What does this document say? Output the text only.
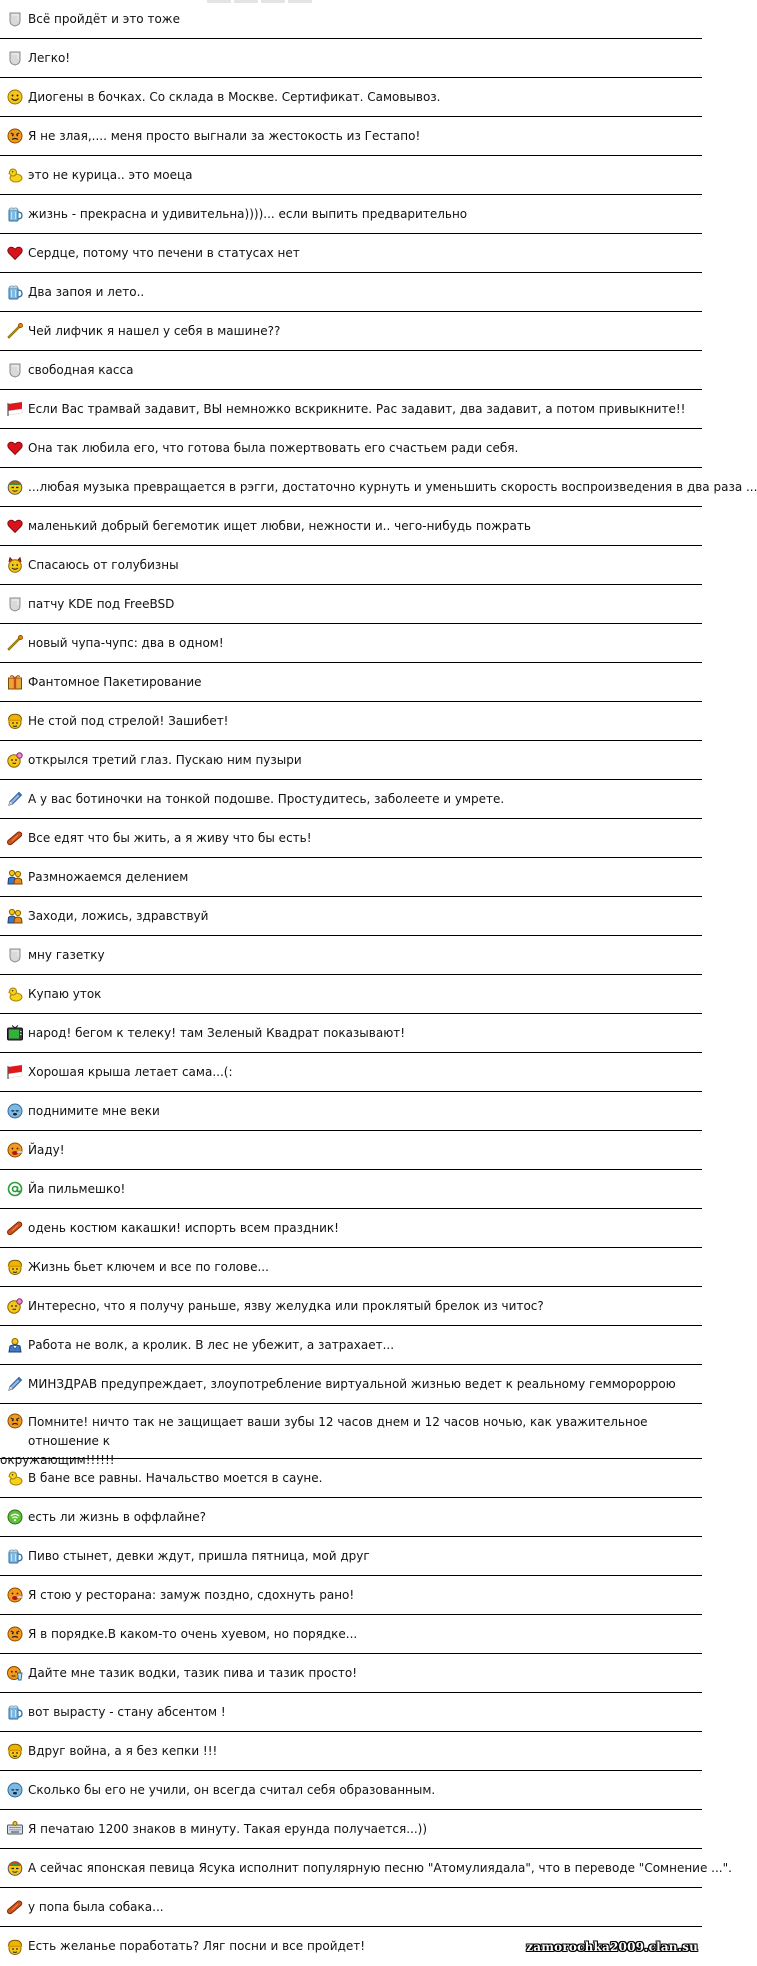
Всё пройдёт и это тоже
Легко!
Диогены в бочках. Со склада в Москве. Сертификат. Самовывоз.
Я не злая,.... меня просто выгнали за жестокость из Гестапо!
это не курица.. это моеца
жизнь - прекрасна и удивительна))))... если выпить предварительно
Сердце, потому что печени в статусах нет
Два запоя и лето..
Чей лифчик я нашел у себя в машине??
свободная касса
Если Вас трамвай задавит, ВЫ немножко вскрикните. Рас задавит, два задавит, а потом привыкните!!
Она так любила его, что готова была пожертвовать его счастьем ради себя.
...любая музыка превращается в рэгги, достаточно курнуть и уменьшить скорость воспроизведения в два раза ...
маленький добрый бегемотик ищет любви, нежности и.. чего-нибудь пожрать
Спасаюсь от голубизны
патчу KDE под FreeBSD
новый чупа-чупс: два в одном!
Фантомное Пакетирование
Не стой под стрелой! Зашибет!
открылся третий глаз. Пускаю ним пузыри
А у вас ботиночки на тонкой подошве. Простудитесь, заболеете и умрете.
Все едят что бы жить, а я живу что бы есть!
Размножаемся делением
Заходи, ложись, здравствуй
мну газетку
Купаю уток
народ! бегом к телеку! там Зеленый Квадрат показывают!
Хорошая крыша летает сама...(:
поднимите мне веки
Йаду!
Йа пильмешко!
одень костюм какашки! испорть всем праздник!
Жизнь бьет ключем и все по голове...
Интересно, что я получу раньше, язву желудка или проклятый брелок из читос?
Работа не волк, а кролик. В лес не убежит, а затрахает...
МИНЗДРАВ предупреждает, злоупотребление виртуальной жизнью ведет к реальному геммороррою
Помните! ничто так не защищает ваши зубы 12 часов днем и 12 часов ночью, как уважительное отношение к
окружающим!!!!!!
В бане все равны. Начальство моется в сауне.
есть ли жизнь в оффлайне?
Пиво стынет, девки ждут, пришла пятница, мой друг
Я стою у ресторана: замуж поздно, сдохнуть рано!
Я в порядке.В каком-то очень хуевом, но порядке...
Дайте мне тазик водки, тазик пива и тазик просто!
вот вырасту - стану абсентом !
Вдруг война, а я без кепки !!!
Сколько бы его не учили, он всегда считал себя образованным.
Я печатаю 1200 знаков в минуту. Такая ерунда получается...))
А сейчас японская певица Ясука исполнит популярную песню "Атомулиядала", что в переводе "Сомнение ...".
у попа была собака...
Есть желанье поработать? Ляг посни и все пройдет!	zamorochka2009.clan.su
